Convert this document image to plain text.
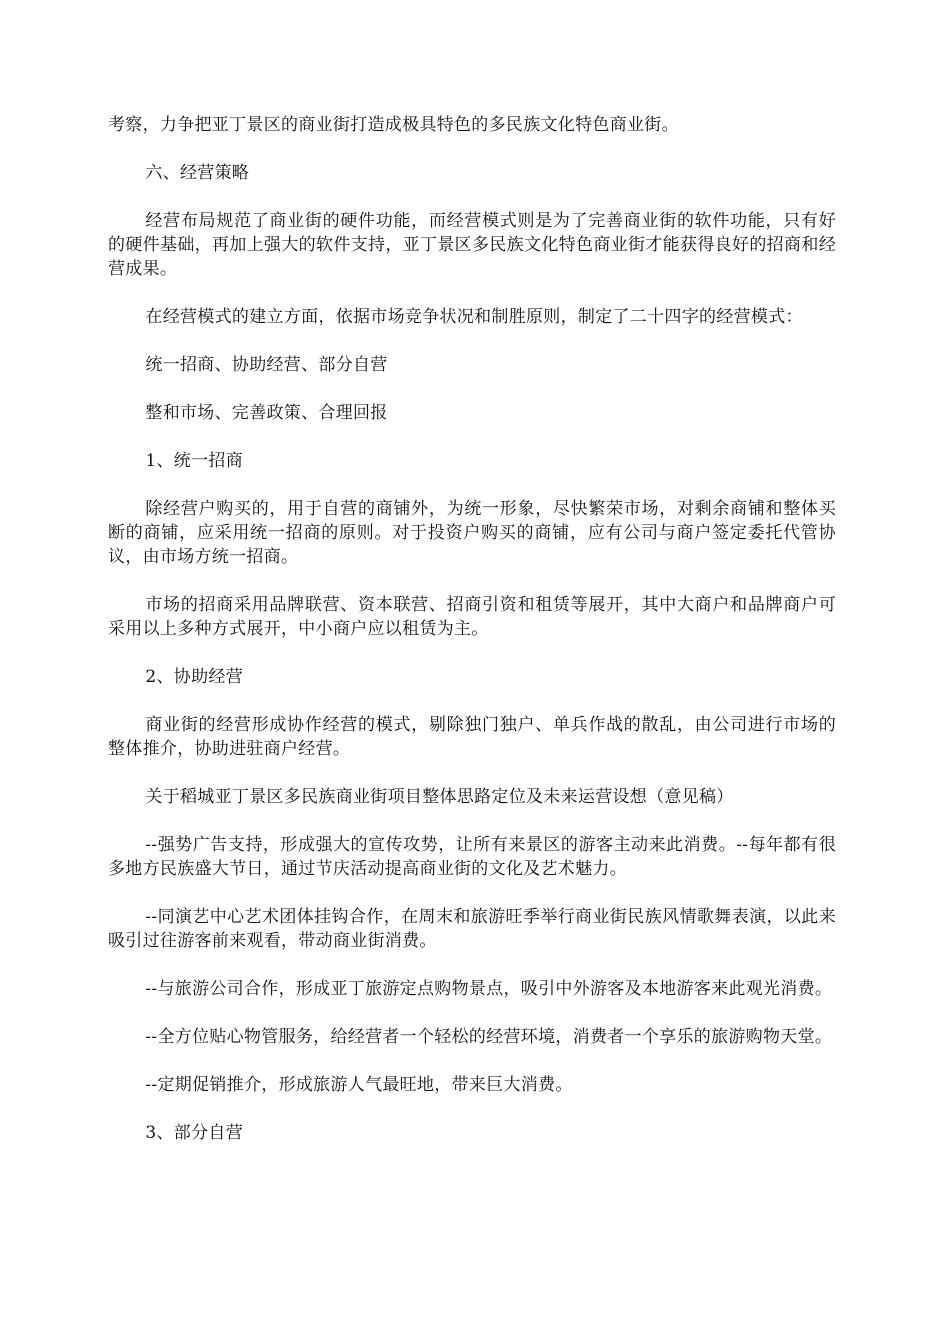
考察，力争把亚丁景区的商业街打造成极具特色的多民族文化特色商业街。

六、经营策略

经营布局规范了商业街的硬件功能，而经营模式则是为了完善商业街的软件功能，只有好的硬件基础，再加上强大的软件支持，亚丁景区多民族文化特色商业街才能获得良好的招商和经营成果。

在经营模式的建立方面，依据市场竞争状况和制胜原则，制定了二十四字的经营模式：

统一招商、协助经营、部分自营

整和市场、完善政策、合理回报

1、统一招商

除经营户购买的，用于自营的商铺外，为统一形象，尽快繁荣市场，对剩余商铺和整体买断的商铺，应采用统一招商的原则。对于投资户购买的商铺，应有公司与商户签定委托代管协议，由市场方统一招商。

市场的招商采用品牌联营、资本联营、招商引资和租赁等展开，其中大商户和品牌商户可采用以上多种方式展开，中小商户应以租赁为主。

2、协助经营

商业街的经营形成协作经营的模式，剔除独门独户、单兵作战的散乱，由公司进行市场的整体推介，协助进驻商户经营。

关于稻城亚丁景区多民族商业街项目整体思路定位及未来运营设想（意见稿）

--强势广告支持，形成强大的宣传攻势，让所有来景区的游客主动来此消费。--每年都有很多地方民族盛大节日，通过节庆活动提高商业街的文化及艺术魅力。

--同演艺中心艺术团体挂钩合作，在周末和旅游旺季举行商业街民族风情歌舞表演，以此来吸引过往游客前来观看，带动商业街消费。

--与旅游公司合作，形成亚丁旅游定点购物景点，吸引中外游客及本地游客来此观光消费。

--全方位贴心物管服务，给经营者一个轻松的经营环境，消费者一个享乐的旅游购物天堂。

--定期促销推介，形成旅游人气最旺地，带来巨大消费。

3、部分自营
